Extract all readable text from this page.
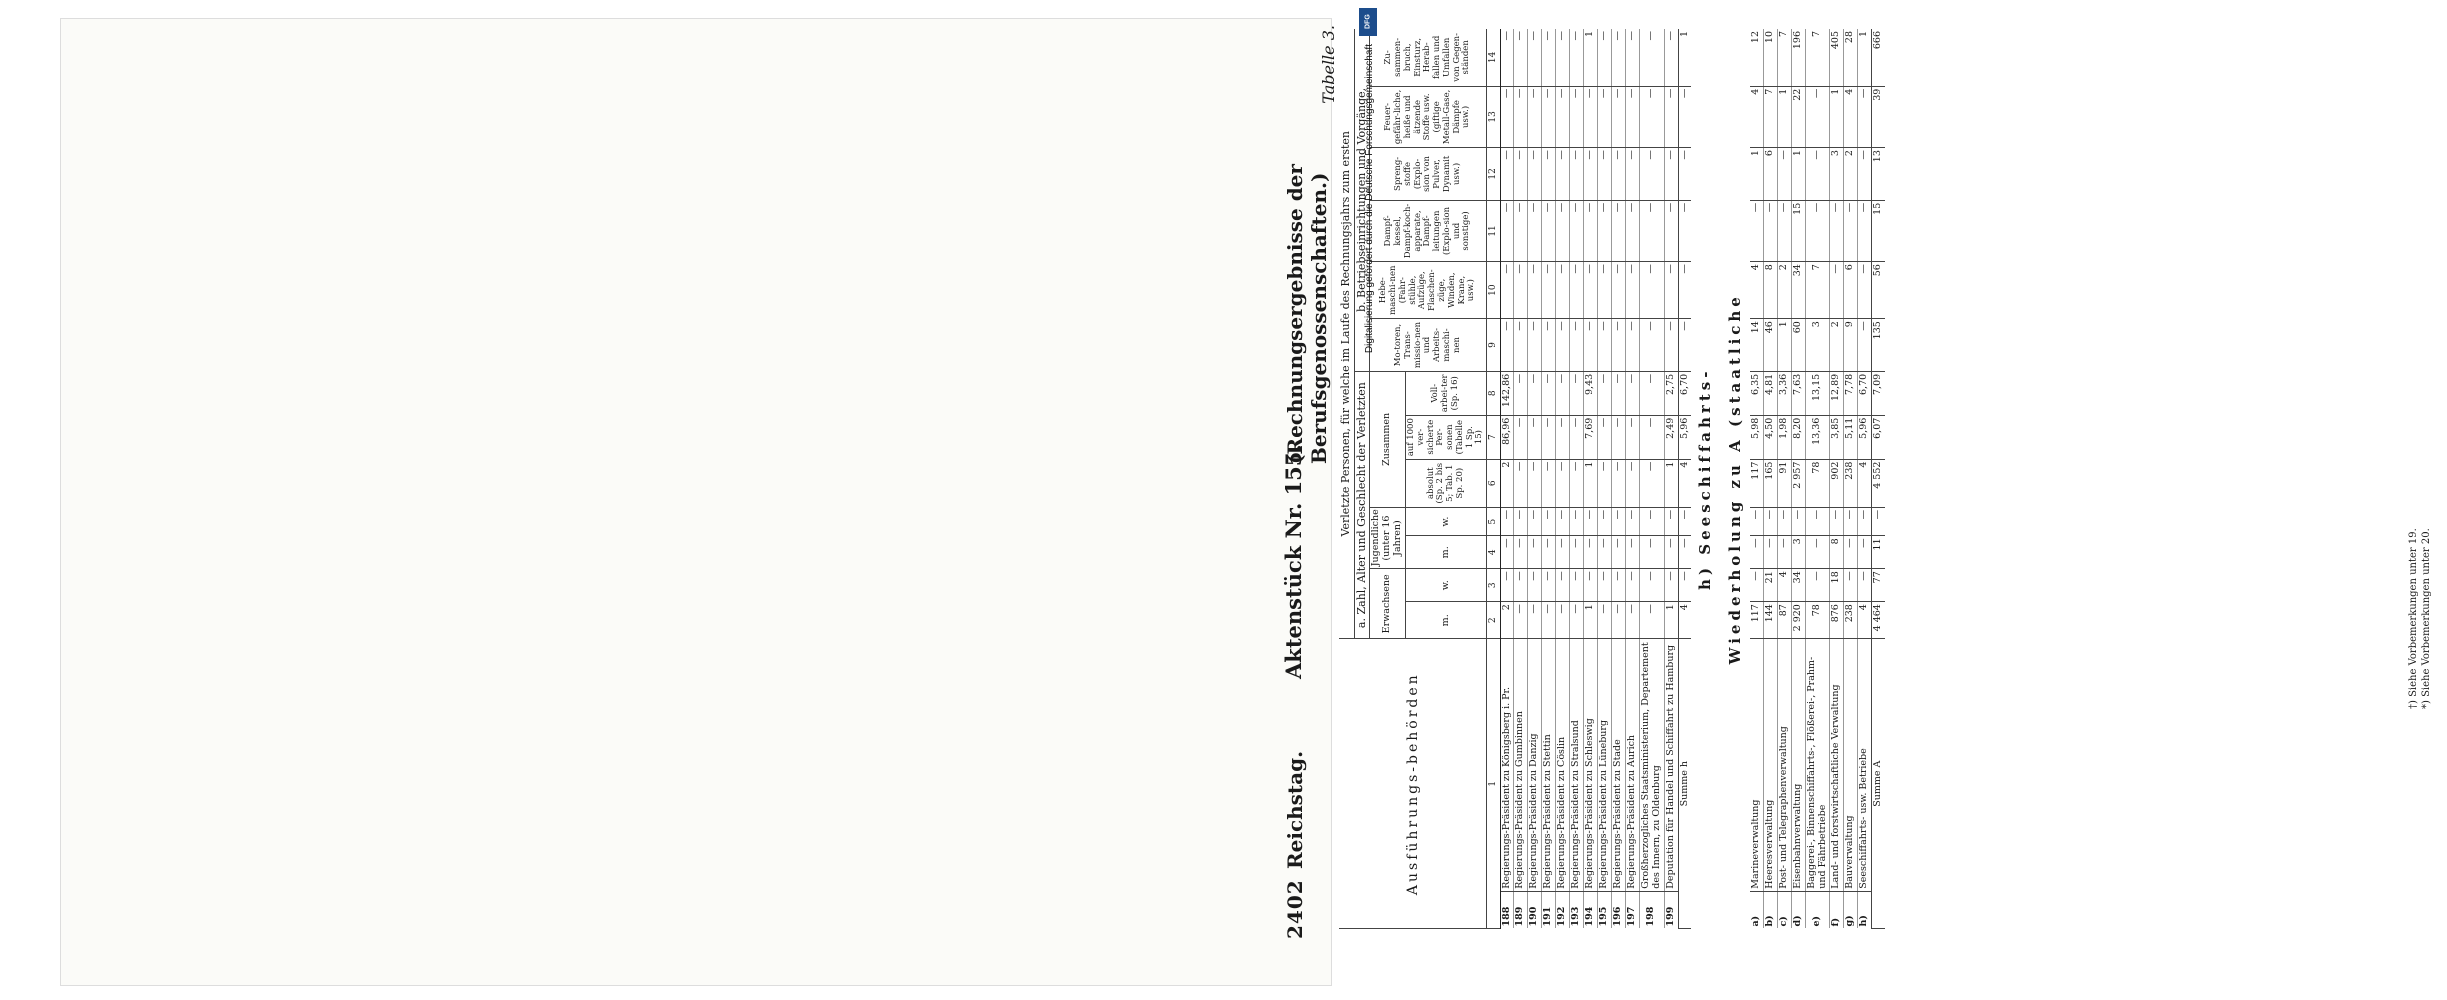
2402
Reichstag.
Aktenstück Nr. 155.
(Rechnungsergebnisse der Berufsgenossenschaften.)
Tabelle 3.
Ausführungs-behörden		Verletzte Personen, für welche im Laufe des Rechnungsjahrs zum ersten												
		a. Zahl, Alter und Geschlecht der Verletzten							b. Betriebseinrichtungen und Vorgänge,					
		Erwachsene		Jugendliche (unter 16 Jahren)		Zusammen			Mo-toren, Trans-missio-nen und Arbeits-maschi-nen	Hebe-maschi-nen (Fahr-stühle, Aufzüge, Flaschen-züge, Winden, Krane, usw.)	Dampf-kessel, Dampf-koch-apparate, Dampf-leitungen (Explo-sion und sonstige)	Spreng-stoffe (Explo-sion von Pulver, Dynamit usw.)	Feuer-gefähr-liche, heiße und ätzende Stoffe usw. (giftige Metall-Gase, Dämpfe usw.)	Zu-sammen-bruch, Einsturz, Herab-fallen und Umfallen von Gegen-ständen
		m.	w.	m.	w.	absolut (Sp. 2 bis 5; Tab. 1 Sp. 20)	auf 1000 ver-sicherte Per-sonen (Tabelle 1 Sp. 15)	Voll-arbei-ter (Sp. 16)						
1		2	3	4	5	6	7	8	9	10	11	12	13	14
188	Regierungs-Präsident zu Königsberg i. Pr.	2	—	—	—	2	86,96	142,86	—	—	—	—	—	—
189	Regierungs-Präsident zu Gumbinnen	—	—	—	—	—	—	—	—	—	—	—	—	—
190	Regierungs-Präsident zu Danzig	—	—	—	—	—	—	—	—	—	—	—	—	—
191	Regierungs-Präsident zu Stettin	—	—	—	—	—	—	—	—	—	—	—	—	—
192	Regierungs-Präsident zu Cöslin	—	—	—	—	—	—	—	—	—	—	—	—	—
193	Regierungs-Präsident zu Stralsund	—	—	—	—	—	—	—	—	—	—	—	—	—
194	Regierungs-Präsident zu Schleswig	1	—	—	—	1	7,69	9,43	—	—	—	—	—	1
195	Regierungs-Präsident zu Lüneburg	—	—	—	—	—	—	—	—	—	—	—	—	—
196	Regierungs-Präsident zu Stade	—	—	—	—	—	—	—	—	—	—	—	—	—
197	Regierungs-Präsident zu Aurich	—	—	—	—	—	—	—	—	—	—	—	—	—
198	Großherzogliches Staatsministerium, Departement des Innern, zu Oldenburg	—	—	—	—	—	—	—	—	—	—	—	—	—
199	Deputation für Handel und Schiffahrt zu Hamburg	1	—	—	—	1	2,49	2,75	—	—	—	—	—	—
Summe h		4	—	—	—	4	5,96	6,70	—	—	—	—	—	1
h) Seeschiffahrts-														
Wiederholung zu A (staatliche														
a)	Marineverwaltung	117	—	—	—	117	5,98	6,35	14	4	—	1	4	12
b)	Heeresverwaltung	144	21	—	—	165	4,50	4,81	46	8	—	6	7	10
c)	Post- und Telegraphenverwaltung	87	4	—	—	91	1,98	3,36	1	2	—	—	1	7
d)	Eisenbahnverwaltung	2 920	34	3	—	2 957	8,20	7,63	60	34	15	1	22	196
e)	Baggerei-, Binnenschiffahrts-, Flößerei-, Prahm- und Fährbetriebe	78	—	—	—	78	13,36	13,15	3	7	—	—	—	7
f)	Land- und forstwirtschaftliche Verwaltung	876	18	8	—	902	3,85	12,89	2	—	—	3	1	405
g)	Bauverwaltung	238	—	—	—	238	5,11	7,78	9	6	—	2	4	28
h)	Seeschiffahrts- usw. Betriebe	4	—	—	—	4	5,96	6,70	—	—	—	—	—	1
Summe A		4 464	77	11	—	4 552	6,07	7,09	135	56	15	13	39	666
†) Siehe Vorbemerkungen unter 19. *) Siehe Vorbemerkungen unter 20.
DFG
Digitalisierung gefördert durch die Deutsche Forschungsgemeinschaft
